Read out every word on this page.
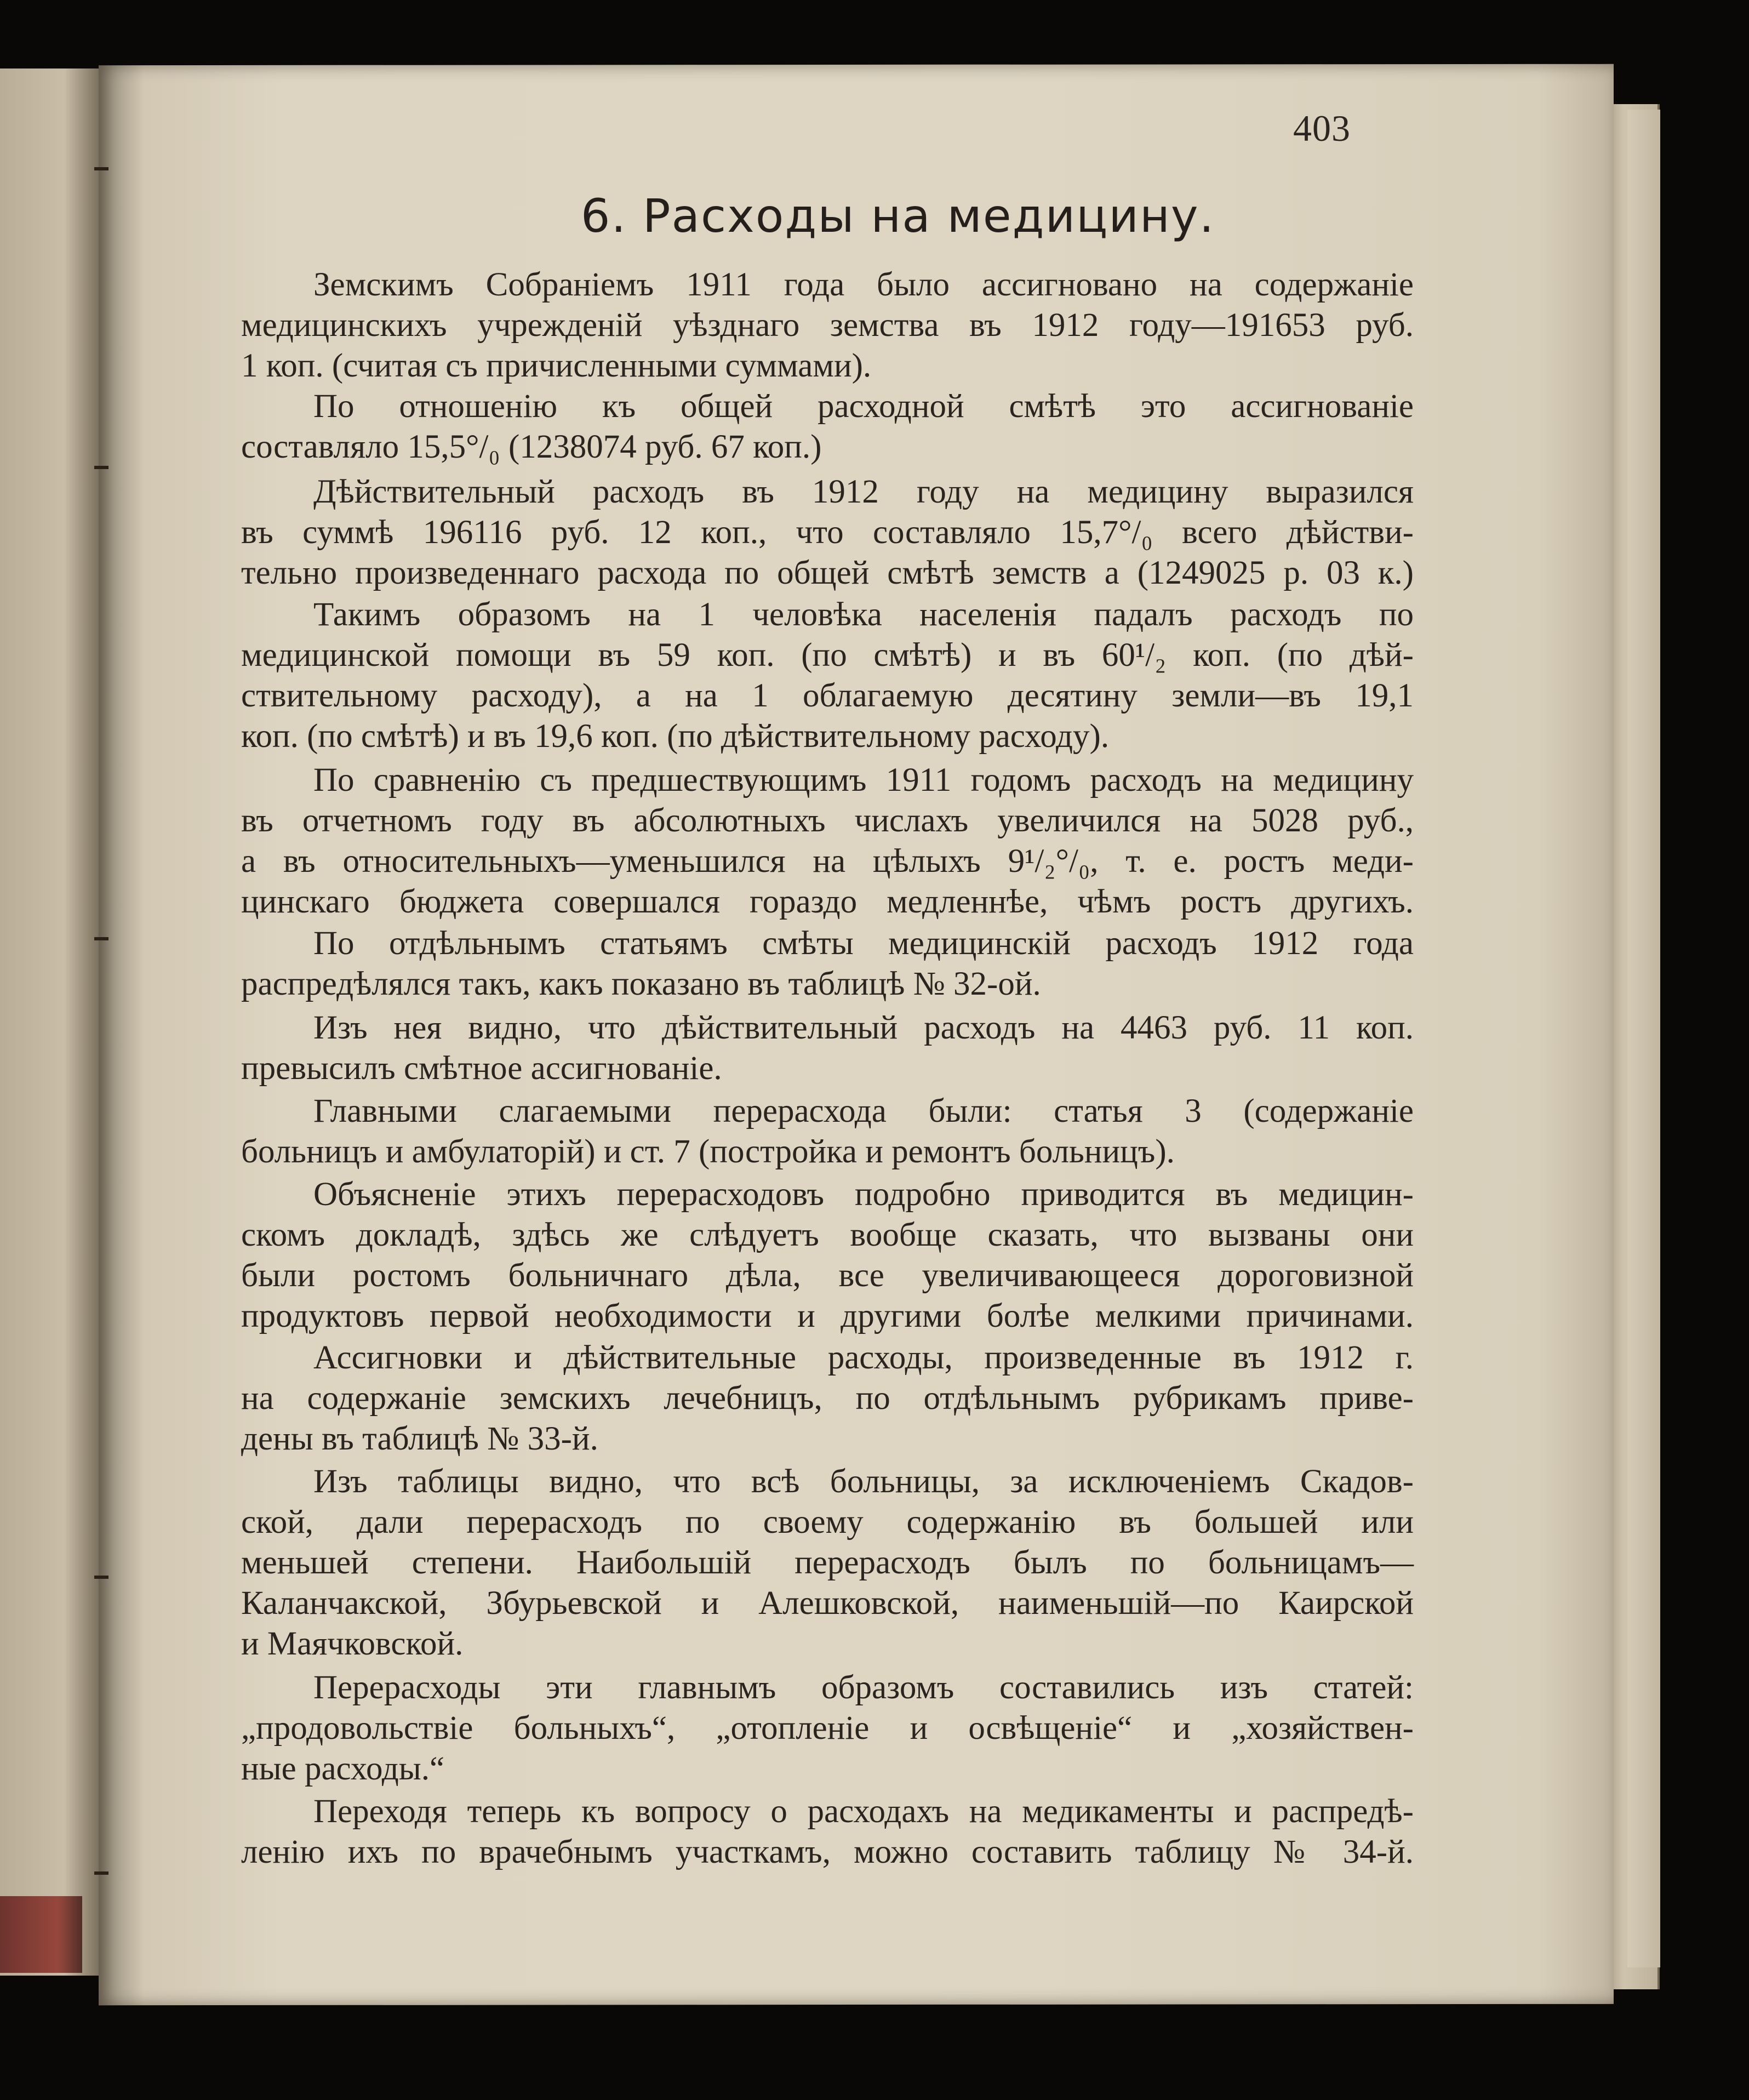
403
6. Расходы на медицину.
Земскимъ Собраніемъ 1911 года было ассигновано на содержаніе
медицинскихъ учрежденій уѣзднаго земства въ 1912 году—191653 руб.
1 коп. (считая съ причисленными суммами).
По отношенію къ общей расходной смѣтѣ это ассигнованіе
составляло 15,5°/₀ (1238074 руб. 67 коп.)
Дѣйствительный расходъ въ 1912 году на медицину выразился
въ суммѣ 196116 руб. 12 коп., что составляло 15,7°/₀ всего дѣйстви-
тельно произведеннаго расхода по общей смѣтѣ земств а (1249025 р. 03 к.)
Такимъ образомъ на 1 человѣка населенія падалъ расходъ по
медицинской помощи въ 59 коп. (по смѣтѣ) и въ 60¹/₂ коп. (по дѣй-
ствительному расходу), а на 1 облагаемую десятину земли—въ 19,1
коп. (по смѣтѣ) и въ 19,6 коп. (по дѣйствительному расходу).
По сравненію съ предшествующимъ 1911 годомъ расходъ на медицину
въ отчетномъ году въ абсолютныхъ числахъ увеличился на 5028 руб.,
а въ относительныхъ—уменьшился на цѣлыхъ 9¹/₂°/₀, т. е. ростъ меди-
цинскаго бюджета совершался гораздо медленнѣе, чѣмъ ростъ другихъ.
По отдѣльнымъ статьямъ смѣты медицинскій расходъ 1912 года
распредѣлялся такъ, какъ показано въ таблицѣ № 32-ой.
Изъ нея видно, что дѣйствительный расходъ на 4463 руб. 11 коп.
превысилъ смѣтное ассигнованіе.
Главными слагаемыми перерасхода были: статья 3 (содержаніе
больницъ и амбулаторій) и ст. 7 (постройка и ремонтъ больницъ).
Объясненіе этихъ перерасходовъ подробно приводится въ медицин-
скомъ докладѣ, здѣсь же слѣдуетъ вообще сказать, что вызваны они
были ростомъ больничнаго дѣла, все увеличивающееся дороговизной
продуктовъ первой необходимости и другими болѣе мелкими причинами.
Ассигновки и дѣйствительные расходы, произведенные въ 1912 г.
на содержаніе земскихъ лечебницъ, по отдѣльнымъ рубрикамъ приве-
дены въ таблицѣ № 33-й.
Изъ таблицы видно, что всѣ больницы, за исключеніемъ Скадов-
ской, дали перерасходъ по своему содержанію въ большей или
меньшей степени. Наибольшій перерасходъ былъ по больницамъ—
Каланчакской, Збурьевской и Алешковской, наименьшій—по Каирской
и Маячковской.
Перерасходы эти главнымъ образомъ составились изъ статей:
„продовольствіе больныхъ“, „отопленіе и освѣщеніе“ и „хозяйствен-
ные расходы.“
Переходя теперь къ вопросу о расходахъ на медикаменты и распредѣ-
ленію ихъ по врачебнымъ участкамъ, можно составить таблицу № 34-й.
